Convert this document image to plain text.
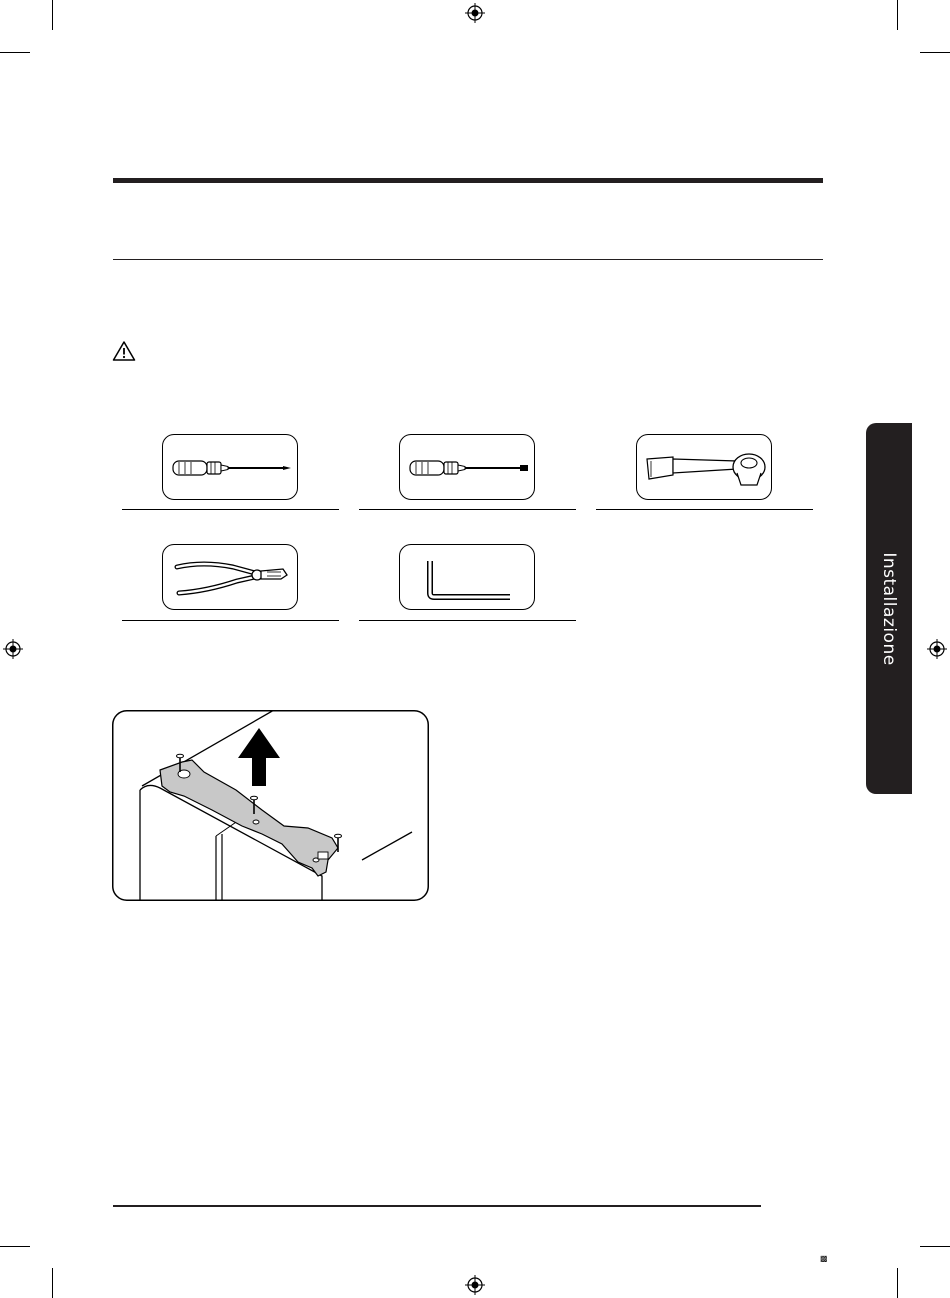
Installazione
▩
